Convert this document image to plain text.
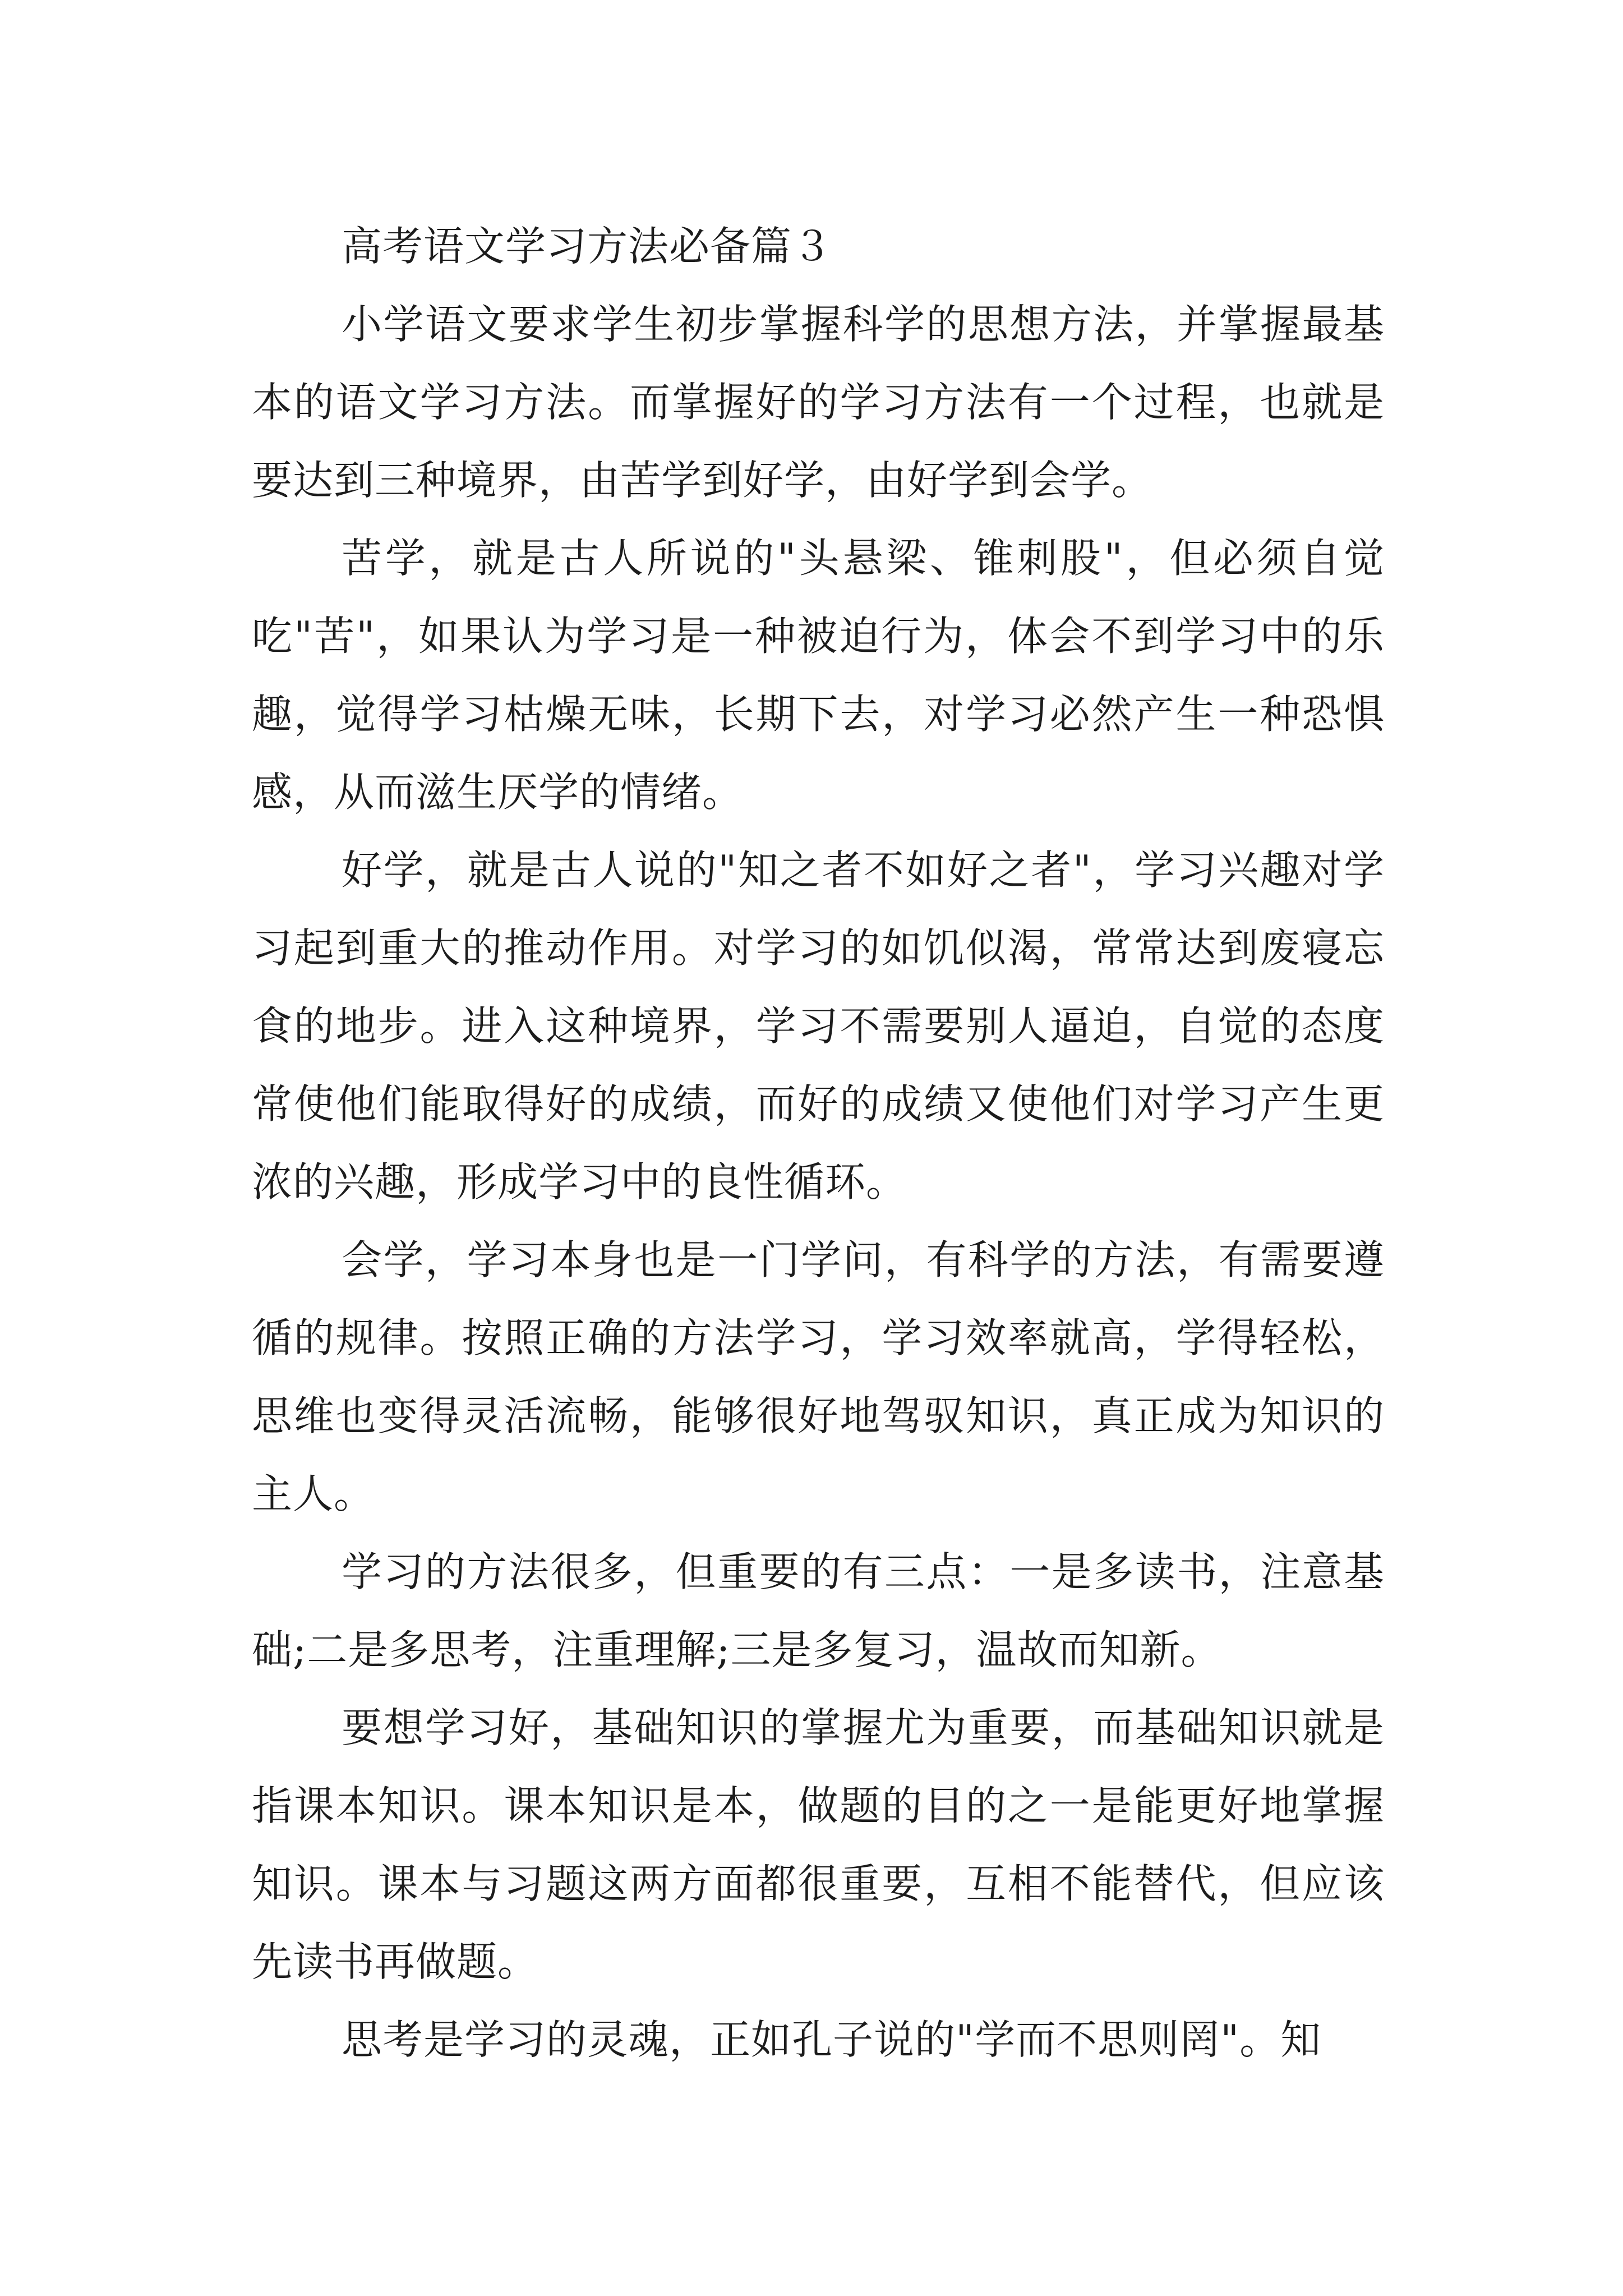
高考语文学习方法必备篇３

小学语文要求学生初步掌握科学的思想方法，并掌握最基本的语文学习方法。而掌握好的学习方法有一个过程，也就是要达到三种境界，由苦学到好学，由好学到会学。

苦学，就是古人所说的"头悬梁、锥刺股"，但必须自觉吃"苦"，如果认为学习是一种被迫行为，体会不到学习中的乐趣，觉得学习枯燥无味，长期下去，对学习必然产生一种恐惧感，从而滋生厌学的情绪。

好学，就是古人说的"知之者不如好之者"，学习兴趣对学习起到重大的推动作用。对学习的如饥似渴，常常达到废寝忘食的地步。进入这种境界，学习不需要别人逼迫，自觉的态度常使他们能取得好的成绩，而好的成绩又使他们对学习产生更浓的兴趣，形成学习中的良性循环。

会学，学习本身也是一门学问，有科学的方法，有需要遵循的规律。按照正确的方法学习，学习效率就高，学得轻松，思维也变得灵活流畅，能够很好地驾驭知识，真正成为知识的主人。

学习的方法很多，但重要的有三点：一是多读书，注意基础;二是多思考，注重理解;三是多复习，温故而知新。

要想学习好，基础知识的掌握尤为重要，而基础知识就是指课本知识。课本知识是本，做题的目的之一是能更好地掌握知识。课本与习题这两方面都很重要，互相不能替代，但应该先读书再做题。

思考是学习的灵魂，正如孔子说的"学而不思则罔"。知
